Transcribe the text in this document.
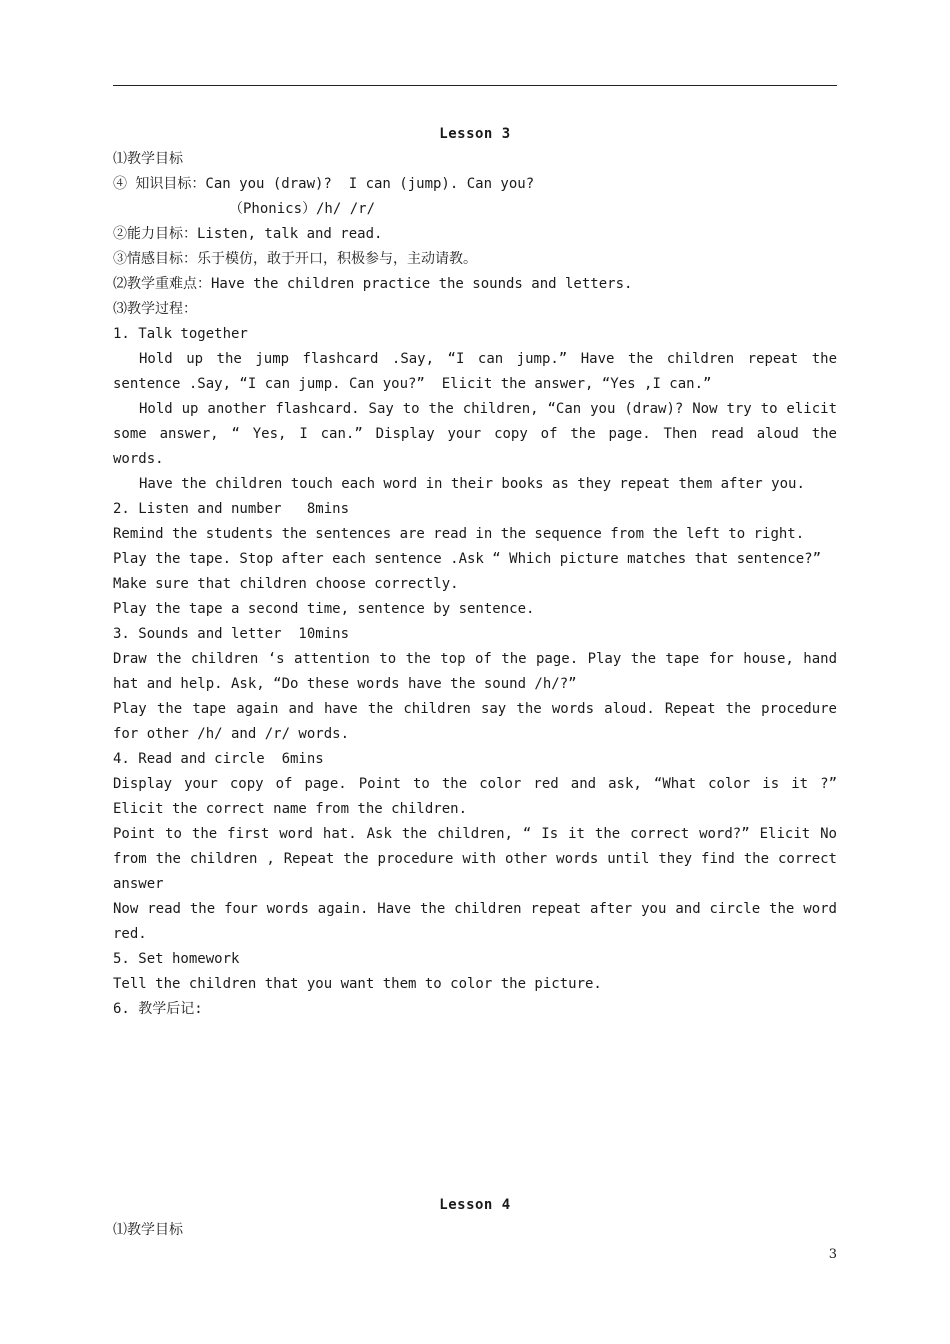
Lesson 3
⑴教学目标
④ 知识目标：Can you (draw)?  I can (jump). Can you?
（Phonics）/h/ /r/
②能力目标：Listen, talk and read.
③情感目标：乐于模仿，敢于开口，积极参与，主动请教。
⑵教学重难点：Have the children practice the sounds and letters.
⑶教学过程：
1. Talk together
Hold up the jump flashcard .Say, “I can jump.” Have the children repeat the
sentence .Say, “I can jump. Can you?”  Elicit the answer, “Yes ,I can.”
Hold up another flashcard. Say to the children, “Can you (draw)? Now try to elicit
some answer, “ Yes, I can.” Display your copy of the page. Then read aloud the
words.
Have the children touch each word in their books as they repeat them after you.
2. Listen and number   8mins
Remind the students the sentences are read in the sequence from the left to right.
Play the tape. Stop after each sentence .Ask “ Which picture matches that sentence?”
Make sure that children choose correctly.
Play the tape a second time, sentence by sentence.
3. Sounds and letter  10mins
Draw the children ‘s attention to the top of the page. Play the tape for house, hand
hat and help. Ask, “Do these words have the sound /h/?”
Play the tape again and have the children say the words aloud. Repeat the procedure
for other /h/ and /r/ words.
4. Read and circle  6mins
Display your copy of page. Point to the color red and ask, “What color is it ?”
Elicit the correct name from the children.
Point to the first word hat. Ask the children, “ Is it the correct word?” Elicit No
from the children , Repeat the procedure with other words until they find the correct
answer
Now read the four words again. Have the children repeat after you and circle the word
red.
5. Set homework
Tell the children that you want them to color the picture.
6. 教学后记:
Lesson 4
⑴教学目标
3
